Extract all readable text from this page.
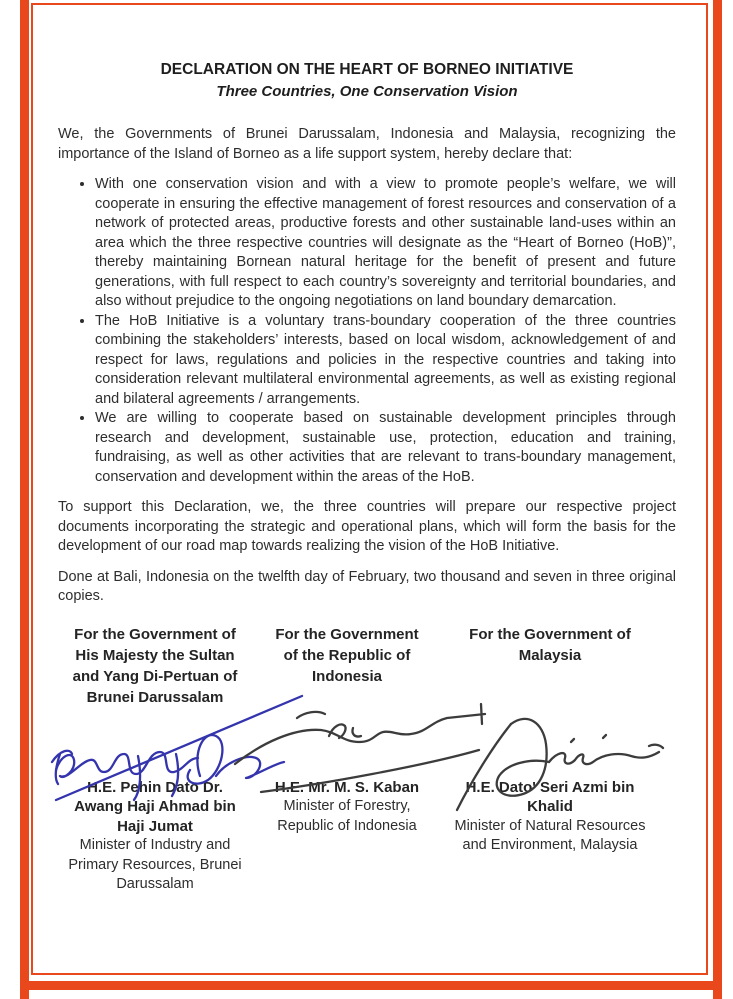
DECLARATION ON THE HEART OF BORNEO INITIATIVE
Three Countries, One Conservation Vision

We, the Governments of Brunei Darussalam, Indonesia and Malaysia, recognizing the importance of the Island of Borneo as a life support system, hereby declare that:

• With one conservation vision and with a view to promote people’s welfare, we will cooperate in ensuring the effective management of forest resources and conservation of a network of protected areas, productive forests and other sustainable land-uses within an area which the three respective countries will designate as the “Heart of Borneo (HoB)”, thereby maintaining Bornean natural heritage for the benefit of present and future generations, with full respect to each country’s sovereignty and territorial boundaries, and also without prejudice to the ongoing negotiations on land boundary demarcation.
• The HoB Initiative is a voluntary trans-boundary cooperation of the three countries combining the stakeholders’ interests, based on local wisdom, acknowledgement of and respect for laws, regulations and policies in the respective countries and taking into consideration relevant multilateral environmental agreements, as well as existing regional and bilateral agreements / arrangements.
• We are willing to cooperate based on sustainable development principles through research and development, sustainable use, protection, education and training, fundraising, as well as other activities that are relevant to trans-boundary management, conservation and development within the areas of the HoB.

To support this Declaration, we, the three countries will prepare our respective project documents incorporating the strategic and operational plans, which will form the basis for the development of our road map towards realizing the vision of the HoB Initiative.

Done at Bali, Indonesia on the twelfth day of February, two thousand and seven in three original copies.

For the Government of His Majesty the Sultan and Yang Di-Pertuan of Brunei Darussalam
For the Government of the Republic of Indonesia
For the Government of Malaysia
H.E. Pehin Dato Dr. Awang Haji Ahmad bin Haji Jumat
Minister of Industry and Primary Resources, Brunei Darussalam
H.E. Mr. M. S. Kaban
Minister of Forestry, Republic of Indonesia
H.E. Dato' Seri Azmi bin Khalid
Minister of Natural Resources and Environment, Malaysia
